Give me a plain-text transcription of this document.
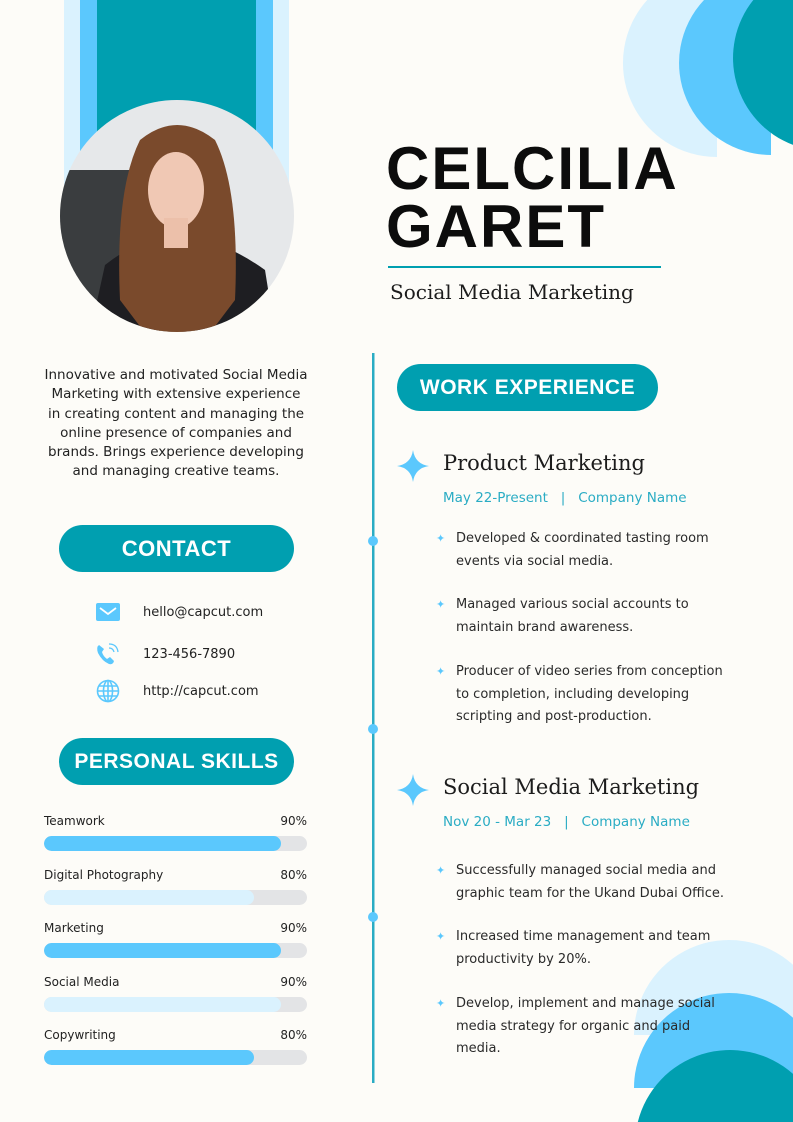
CELCILIA
GARET
Social Media Marketing
Innovative and motivated Social Media Marketing with extensive experience in creating content and managing the online presence of companies and brands. Brings experience developing and managing creative teams.
CONTACT
hello@capcut.com
123-456-7890
http://capcut.com
PERSONAL SKILLS
Teamwork	90%
Digital Photography	80%
Marketing	90%
Social Media	90%
Copywriting	80%
WORK EXPERIENCE
Product Marketing
May 22-Present | Company Name
✦ Developed & coordinated tasting room events via social media.
✦ Managed various social accounts to maintain brand awareness.
✦ Producer of video series from conception to completion, including developing scripting and post-production.
Social Media Marketing
Nov 20 - Mar 23 | Company Name
✦ Successfully managed social media and graphic team for the Ukand Dubai Office.
✦ Increased time management and team productivity by 20%.
✦ Develop, implement and manage social media strategy for organic and paid media.
